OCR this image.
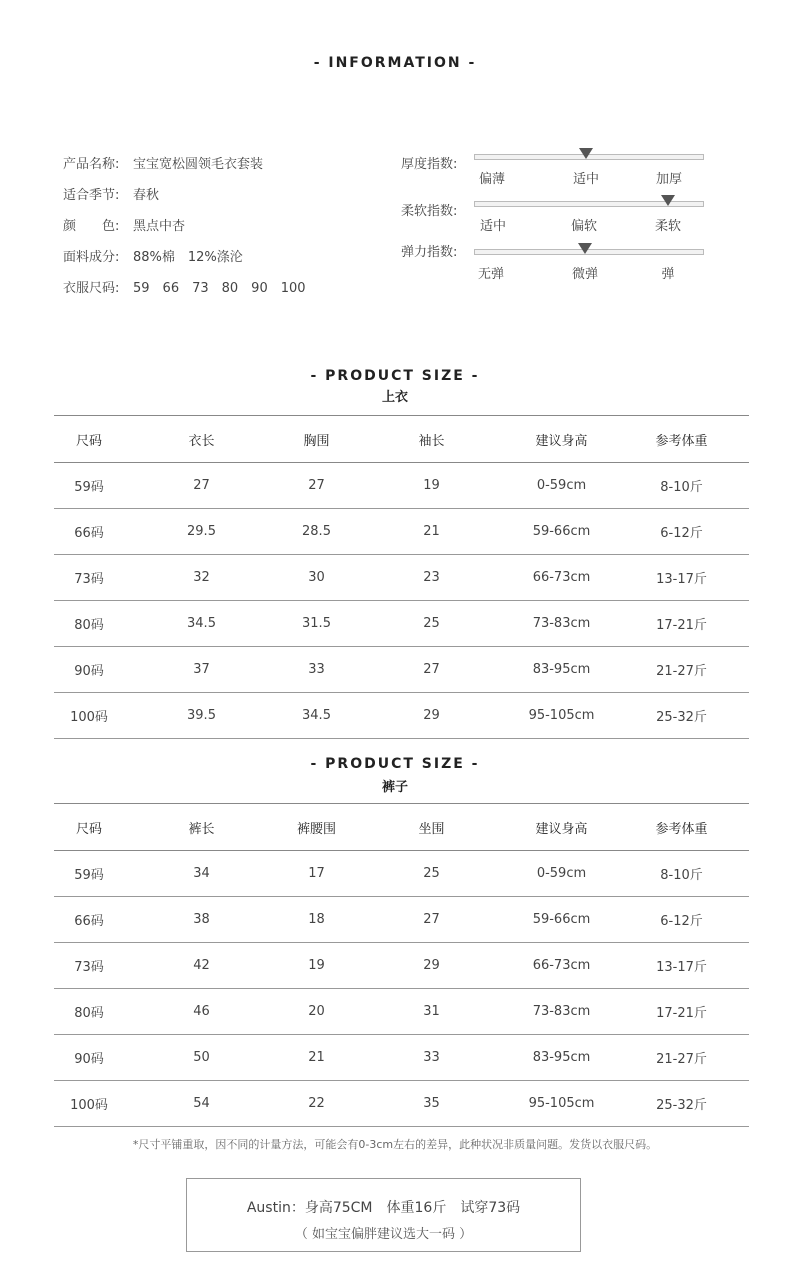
- INFORMATION -
产品名称: 宝宝宽松圆领毛衣套装
适合季节: 春秋
颜　　色: 黑点中杏
面料成分: 88%棉　12%涤沦
衣服尺码: 59　66　73　80　90　100
厚度指数:
偏薄	适中	加厚
柔软指数:
适中	偏软	柔软
弹力指数:
无弹	微弹	弹
- PRODUCT SIZE -
上衣
尺码	衣长	胸围	袖长	建议身高	参考体重
59码	27	27	19	0-59cm	8-10斤
66码	29.5	28.5	21	59-66cm	6-12斤
73码	32	30	23	66-73cm	13-17斤
80码	34.5	31.5	25	73-83cm	17-21斤
90码	37	33	27	83-95cm	21-27斤
100码	39.5	34.5	29	95-105cm	25-32斤
- PRODUCT SIZE -
裤子
尺码	裤长	裤腰围	坐围	建议身高	参考体重
59码	34	17	25	0-59cm	8-10斤
66码	38	18	27	59-66cm	6-12斤
73码	42	19	29	66-73cm	13-17斤
80码	46	20	31	73-83cm	17-21斤
90码	50	21	33	83-95cm	21-27斤
100码	54	22	35	95-105cm	25-32斤
*尺寸平铺重取，因不同的计量方法，可能会有0-3cm左右的差异，此种状况非质量问题。发货以衣服尺码。
Austin：身高75CM　体重16斤　试穿73码
（ 如宝宝偏胖建议选大一码 ）
